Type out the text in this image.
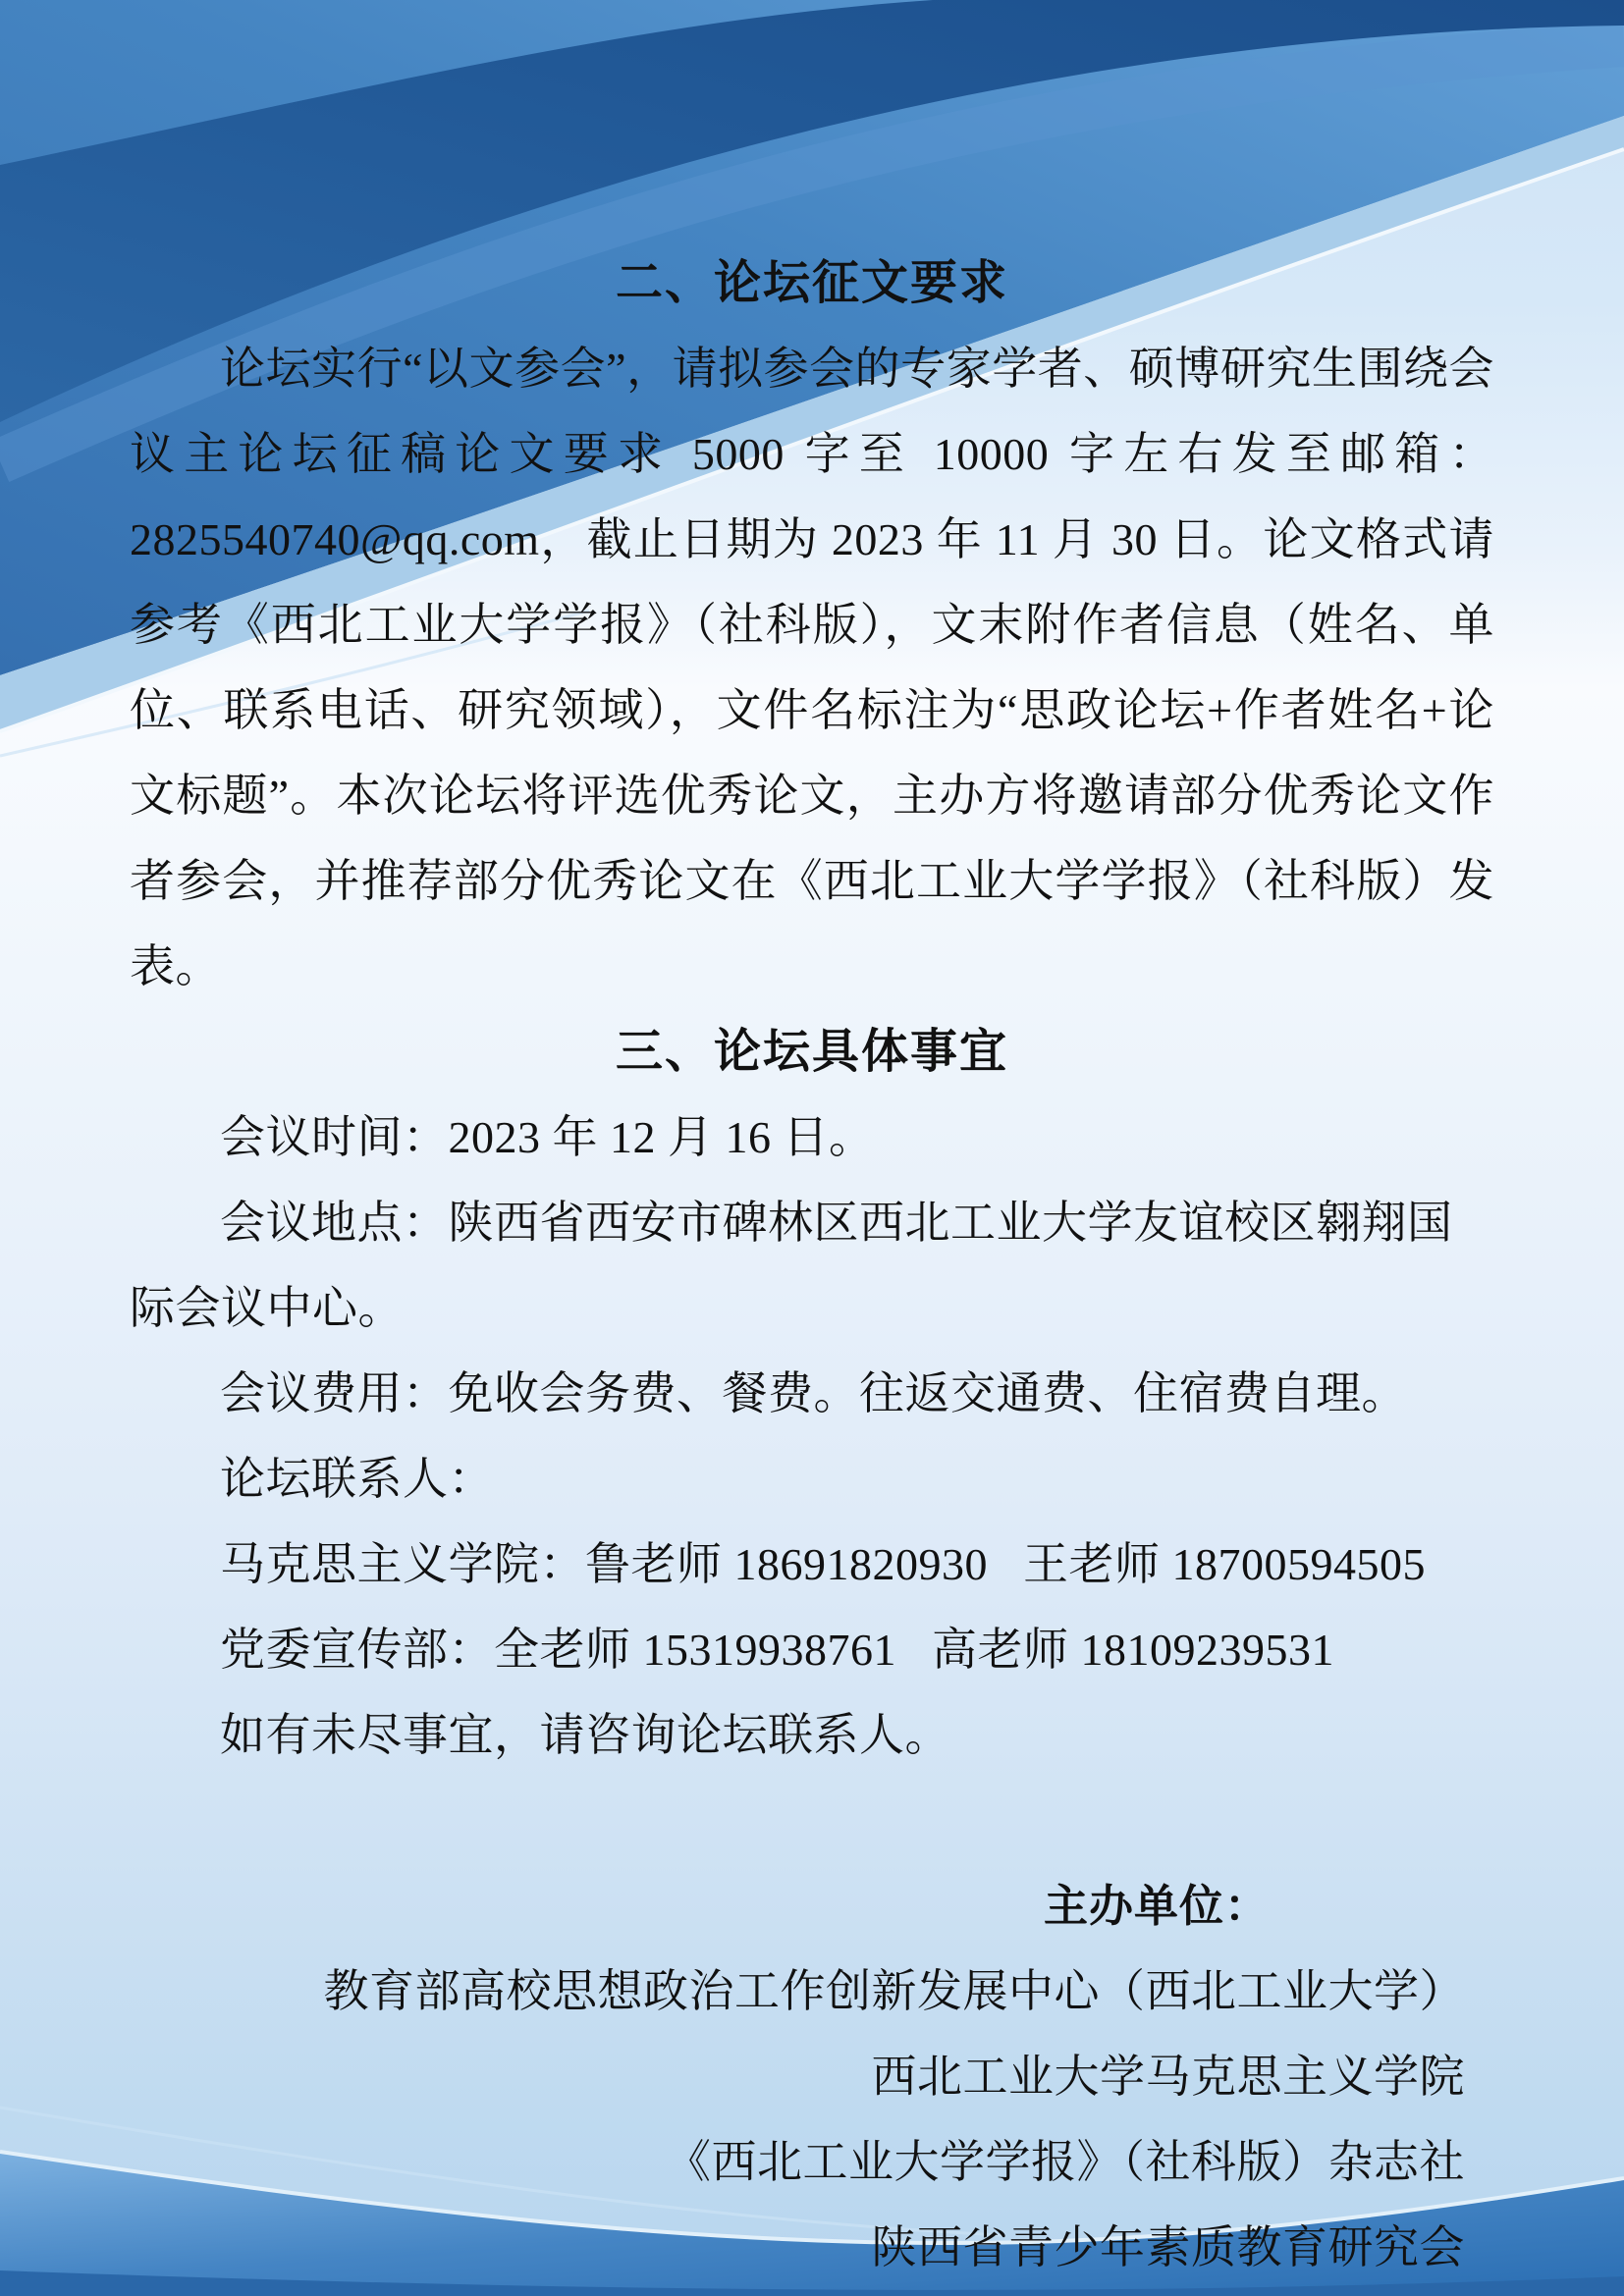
二、论坛征文要求

论坛实行“以文参会”，请拟参会的专家学者、硕博研究生围绕会议主论坛征稿论文要求 5000 字至 10000 字左右发至邮箱：2825540740@qq.com，截止日期为 2023 年 11 月 30 日。论文格式请参考《西北工业大学学报》（社科版），文末附作者信息（姓名、单位、联系电话、研究领域），文件名标注为“思政论坛+作者姓名+论文标题”。本次论坛将评选优秀论文，主办方将邀请部分优秀论文作者参会，并推荐部分优秀论文在《西北工业大学学报》（社科版）发表。

三、论坛具体事宜
会议时间：2023 年 12 月 16 日。
会议地点：陕西省西安市碑林区西北工业大学友谊校区翱翔国际会议中心。
会议费用：免收会务费、餐费。往返交通费、住宿费自理。
论坛联系人：
马克思主义学院：鲁老师 18691820930   王老师 18700594505
党委宣传部：全老师 15319938761   高老师 18109239531
如有未尽事宜，请咨询论坛联系人。
主办单位：
教育部高校思想政治工作创新发展中心（西北工业大学）
西北工业大学马克思主义学院
《西北工业大学学报》（社科版）杂志社
陕西省青少年素质教育研究会
